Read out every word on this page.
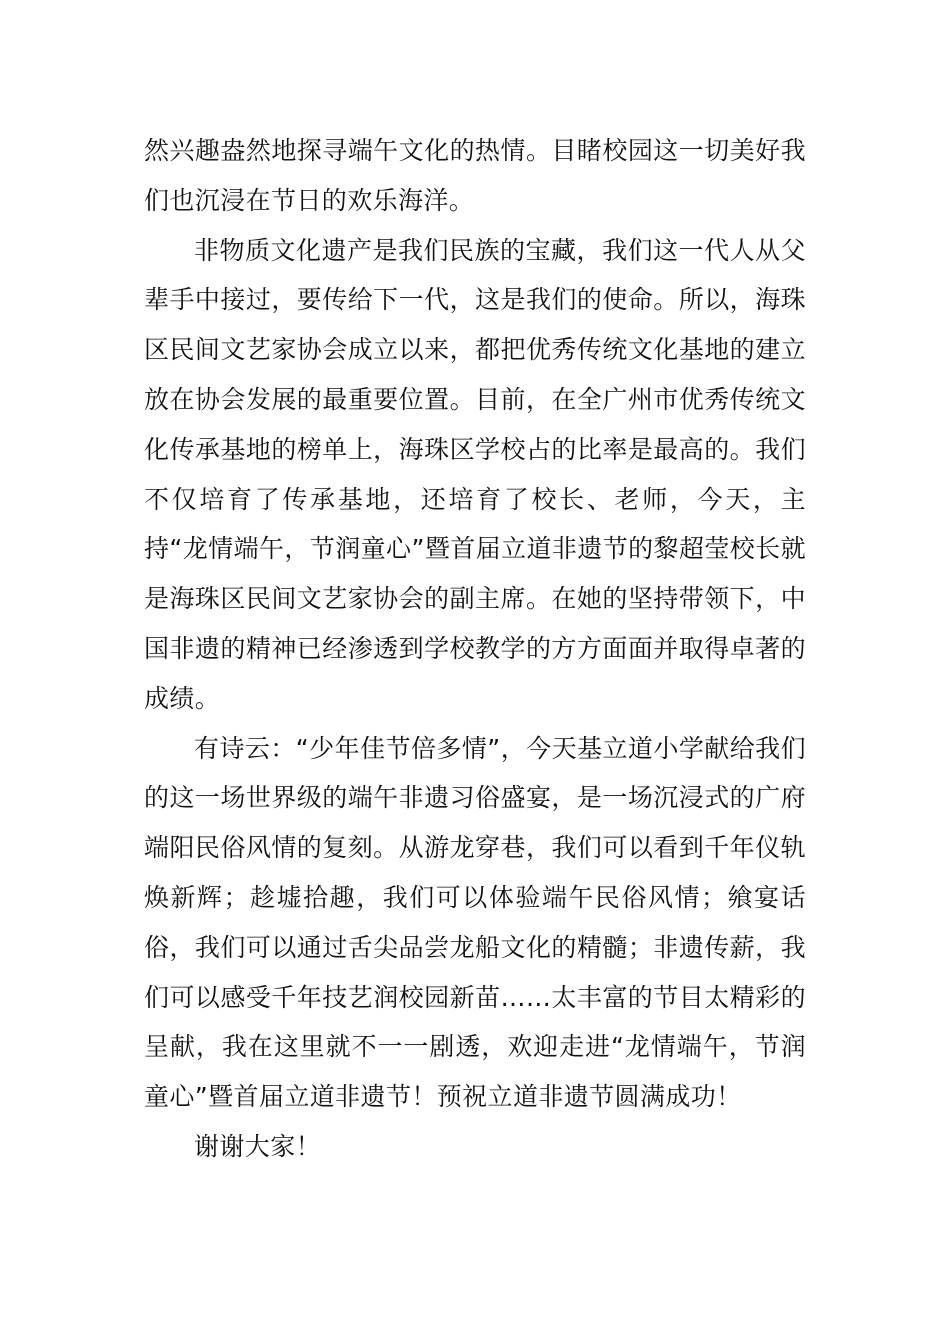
然兴趣盎然地探寻端午文化的热情。目睹校园这一切美好我们也沉浸在节日的欢乐海洋。

非物质文化遗产是我们民族的宝藏，我们这一代人从父辈手中接过，要传给下一代，这是我们的使命。所以，海珠区民间文艺家协会成立以来，都把优秀传统文化基地的建立放在协会发展的最重要位置。目前，在全广州市优秀传统文化传承基地的榜单上，海珠区学校占的比率是最高的。我们不仅培育了传承基地，还培育了校长、老师，今天，主持“龙情端午，节润童心”暨首届立道非遗节的黎超莹校长就是海珠区民间文艺家协会的副主席。在她的坚持带领下，中国非遗的精神已经渗透到学校教学的方方面面并取得卓著的成绩。

有诗云：“少年佳节倍多情”，今天基立道小学献给我们的这一场世界级的端午非遗习俗盛宴，是一场沉浸式的广府端阳民俗风情的复刻。从游龙穿巷，我们可以看到千年仪轨焕新辉；趁墟拾趣，我们可以体验端午民俗风情；飨宴话俗，我们可以通过舌尖品尝龙船文化的精髓；非遗传薪，我们可以感受千年技艺润校园新苗……太丰富的节目太精彩的呈献，我在这里就不一一剧透，欢迎走进“龙情端午，节润童心”暨首届立道非遗节！预祝立道非遗节圆满成功！

谢谢大家！
